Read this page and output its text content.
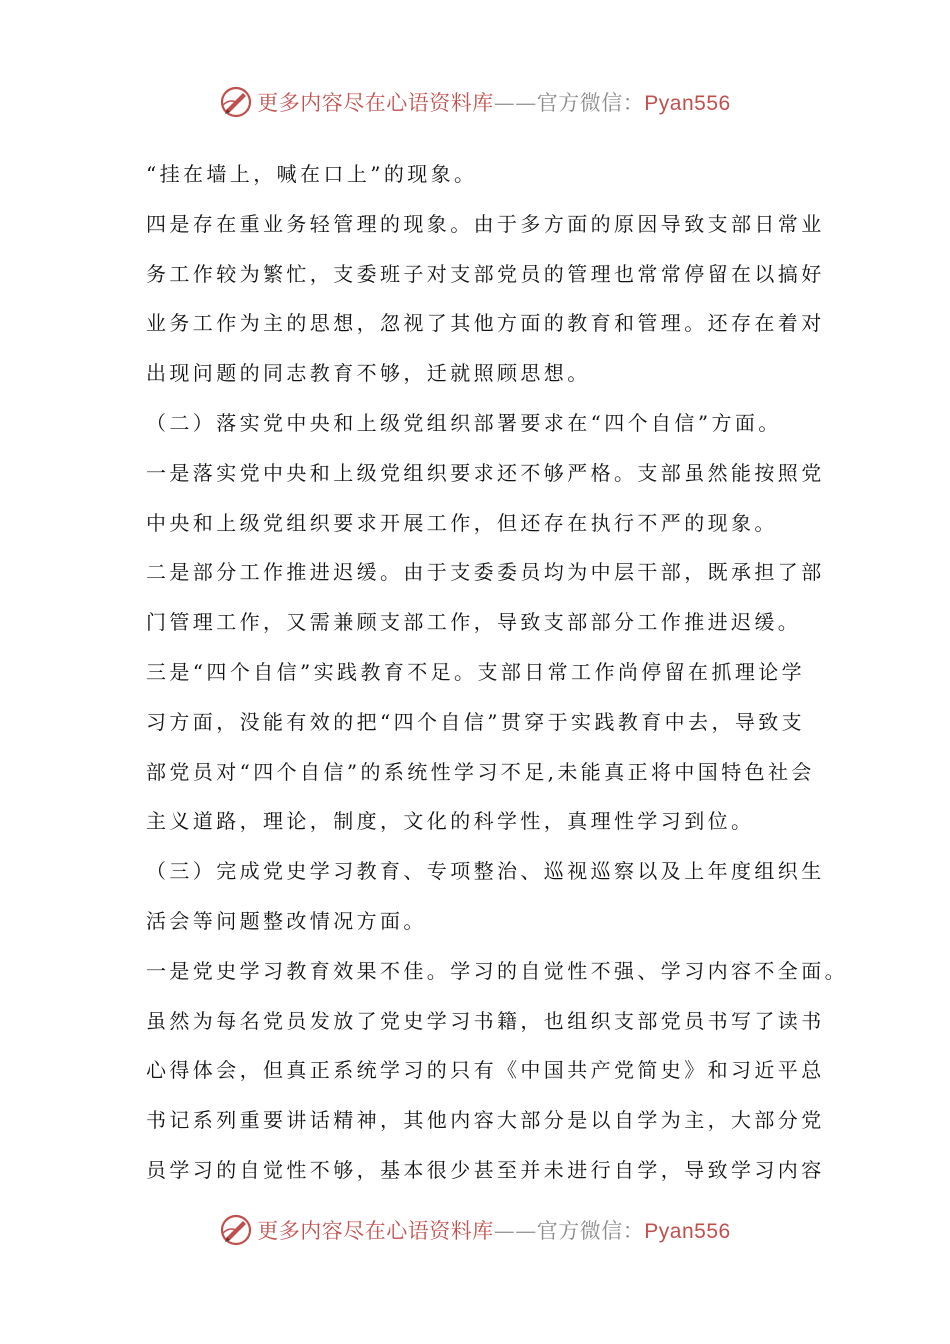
更多内容尽在心语资料库——官方微信：Pyan556
“挂在墙上，喊在口上”的现象。
四是存在重业务轻管理的现象。由于多方面的原因导致支部日常业
务工作较为繁忙，支委班子对支部党员的管理也常常停留在以搞好
业务工作为主的思想，忽视了其他方面的教育和管理。还存在着对
出现问题的同志教育不够，迁就照顾思想。
（二）落实党中央和上级党组织部署要求在“四个自信”方面。
一是落实党中央和上级党组织要求还不够严格。支部虽然能按照党
中央和上级党组织要求开展工作，但还存在执行不严的现象。
二是部分工作推进迟缓。由于支委委员均为中层干部，既承担了部
门管理工作，又需兼顾支部工作，导致支部部分工作推进迟缓。
三是“四个自信”实践教育不足。支部日常工作尚停留在抓理论学
习方面，没能有效的把“四个自信”贯穿于实践教育中去，导致支
部党员对“四个自信”的系统性学习不足,未能真正将中国特色社会
主义道路，理论，制度，文化的科学性，真理性学习到位。
（三）完成党史学习教育、专项整治、巡视巡察以及上年度组织生
活会等问题整改情况方面。
一是党史学习教育效果不佳。学习的自觉性不强、学习内容不全面。
虽然为每名党员发放了党史学习书籍，也组织支部党员书写了读书
心得体会，但真正系统学习的只有《中国共产党简史》和习近平总
书记系列重要讲话精神，其他内容大部分是以自学为主，大部分党
员学习的自觉性不够，基本很少甚至并未进行自学，导致学习内容
更多内容尽在心语资料库——官方微信：Pyan556
